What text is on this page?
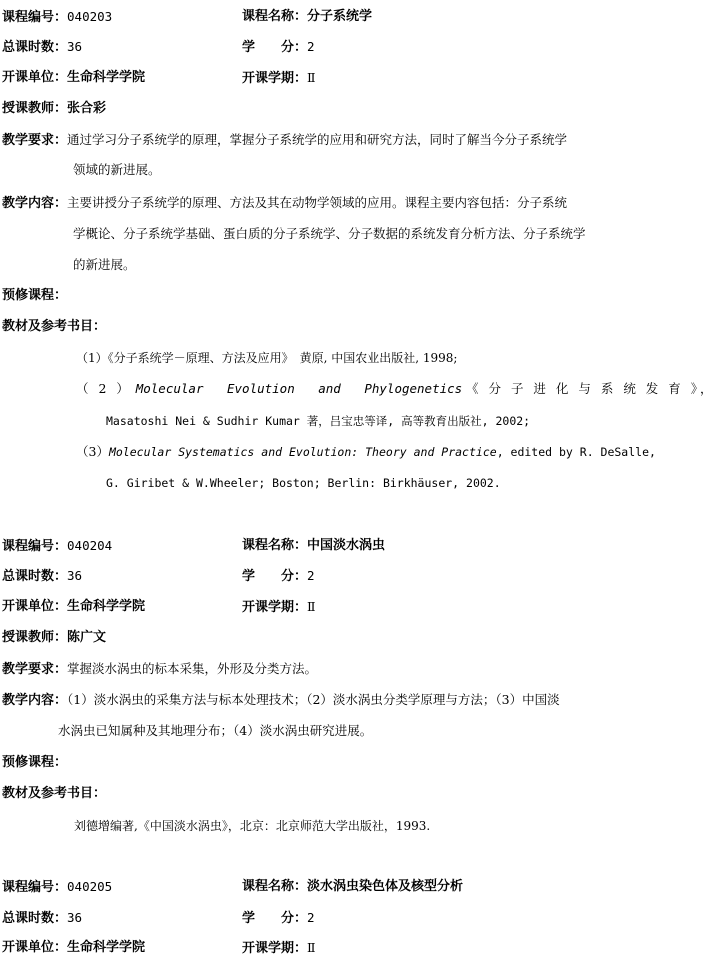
课程编号：040203	课程名称：分子系统学
总课时数：36	学　　分：2
开课单位：生命科学学院	开课学期：Ⅱ
授课教师：张合彩
教学要求：通过学习分子系统学的原理，掌握分子系统学的应用和研究方法，同时了解当今分子系统学
领域的新进展。
教学内容：主要讲授分子系统学的原理、方法及其在动物学领域的应用。课程主要内容包括：分子系统
学概论、分子系统学基础、蛋白质的分子系统学、分子数据的系统发育分析方法、分子系统学
的新进展。
预修课程：
教材及参考书目：
（1）《分子系统学－原理、方法及应用》　黄原, 中国农业出版社, 1998;
（ 2 ） Molecular Evolution and Phylogenetics 《 分 子 进 化 与 系 统 发 育 》，
Masatoshi Nei & Sudhir Kumar 著，吕宝忠等译, 高等教育出版社, 2002;
（3）Molecular Systematics and Evolution: Theory and Practice, edited by R. DeSalle,
G. Giribet & W.Wheeler; Boston; Berlin: Birkhäuser, 2002.
课程编号：040204	课程名称：中国淡水涡虫
总课时数：36	学　　分：2
开课单位：生命科学学院	开课学期：Ⅱ
授课教师：陈广文
教学要求：掌握淡水涡虫的标本采集，外形及分类方法。
教学内容：（1）淡水涡虫的采集方法与标本处理技术；（2）淡水涡虫分类学原理与方法；（3）中国淡
水涡虫已知属种及其地理分布；（4）淡水涡虫研究进展。
预修课程：
教材及参考书目：
刘德增编著,《中国淡水涡虫》，北京：北京师范大学出版社，1993.
课程编号：040205	课程名称：淡水涡虫染色体及核型分析
总课时数：36	学　　分：2
开课单位：生命科学学院	开课学期：Ⅱ
